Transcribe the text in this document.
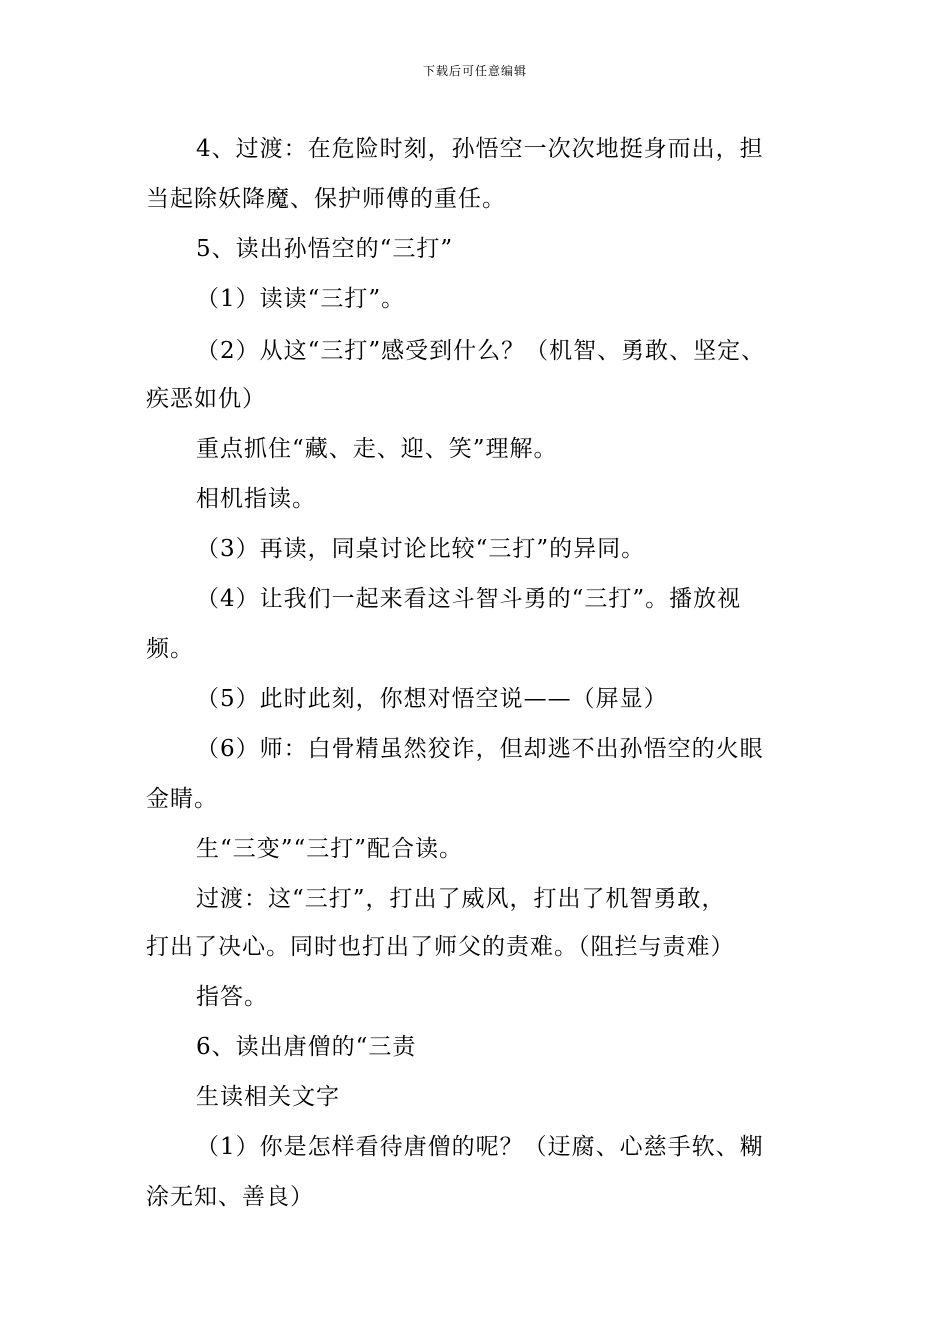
下载后可任意编辑
4、过渡：在危险时刻，孙悟空一次次地挺身而出，担
当起除妖降魔、保护师傅的重任。
5、读出孙悟空的“三打”
（1）读读“三打”。
（2）从这“三打”感受到什么？（机智、勇敢、坚定、
疾恶如仇）
重点抓住“藏、走、迎、笑”理解。
相机指读。
（3）再读，同桌讨论比较“三打”的异同。
（4）让我们一起来看这斗智斗勇的“三打”。播放视
频。
（5）此时此刻，你想对悟空说——（屏显）
（6）师：白骨精虽然狡诈，但却逃不出孙悟空的火眼
金睛。
生“三变”“三打”配合读。
过渡：这“三打”，打出了威风，打出了机智勇敢，
打出了决心。同时也打出了师父的责难。（阻拦与责难）
指答。
6、读出唐僧的“三责
生读相关文字
（1）你是怎样看待唐僧的呢？（迂腐、心慈手软、糊
涂无知、善良）
